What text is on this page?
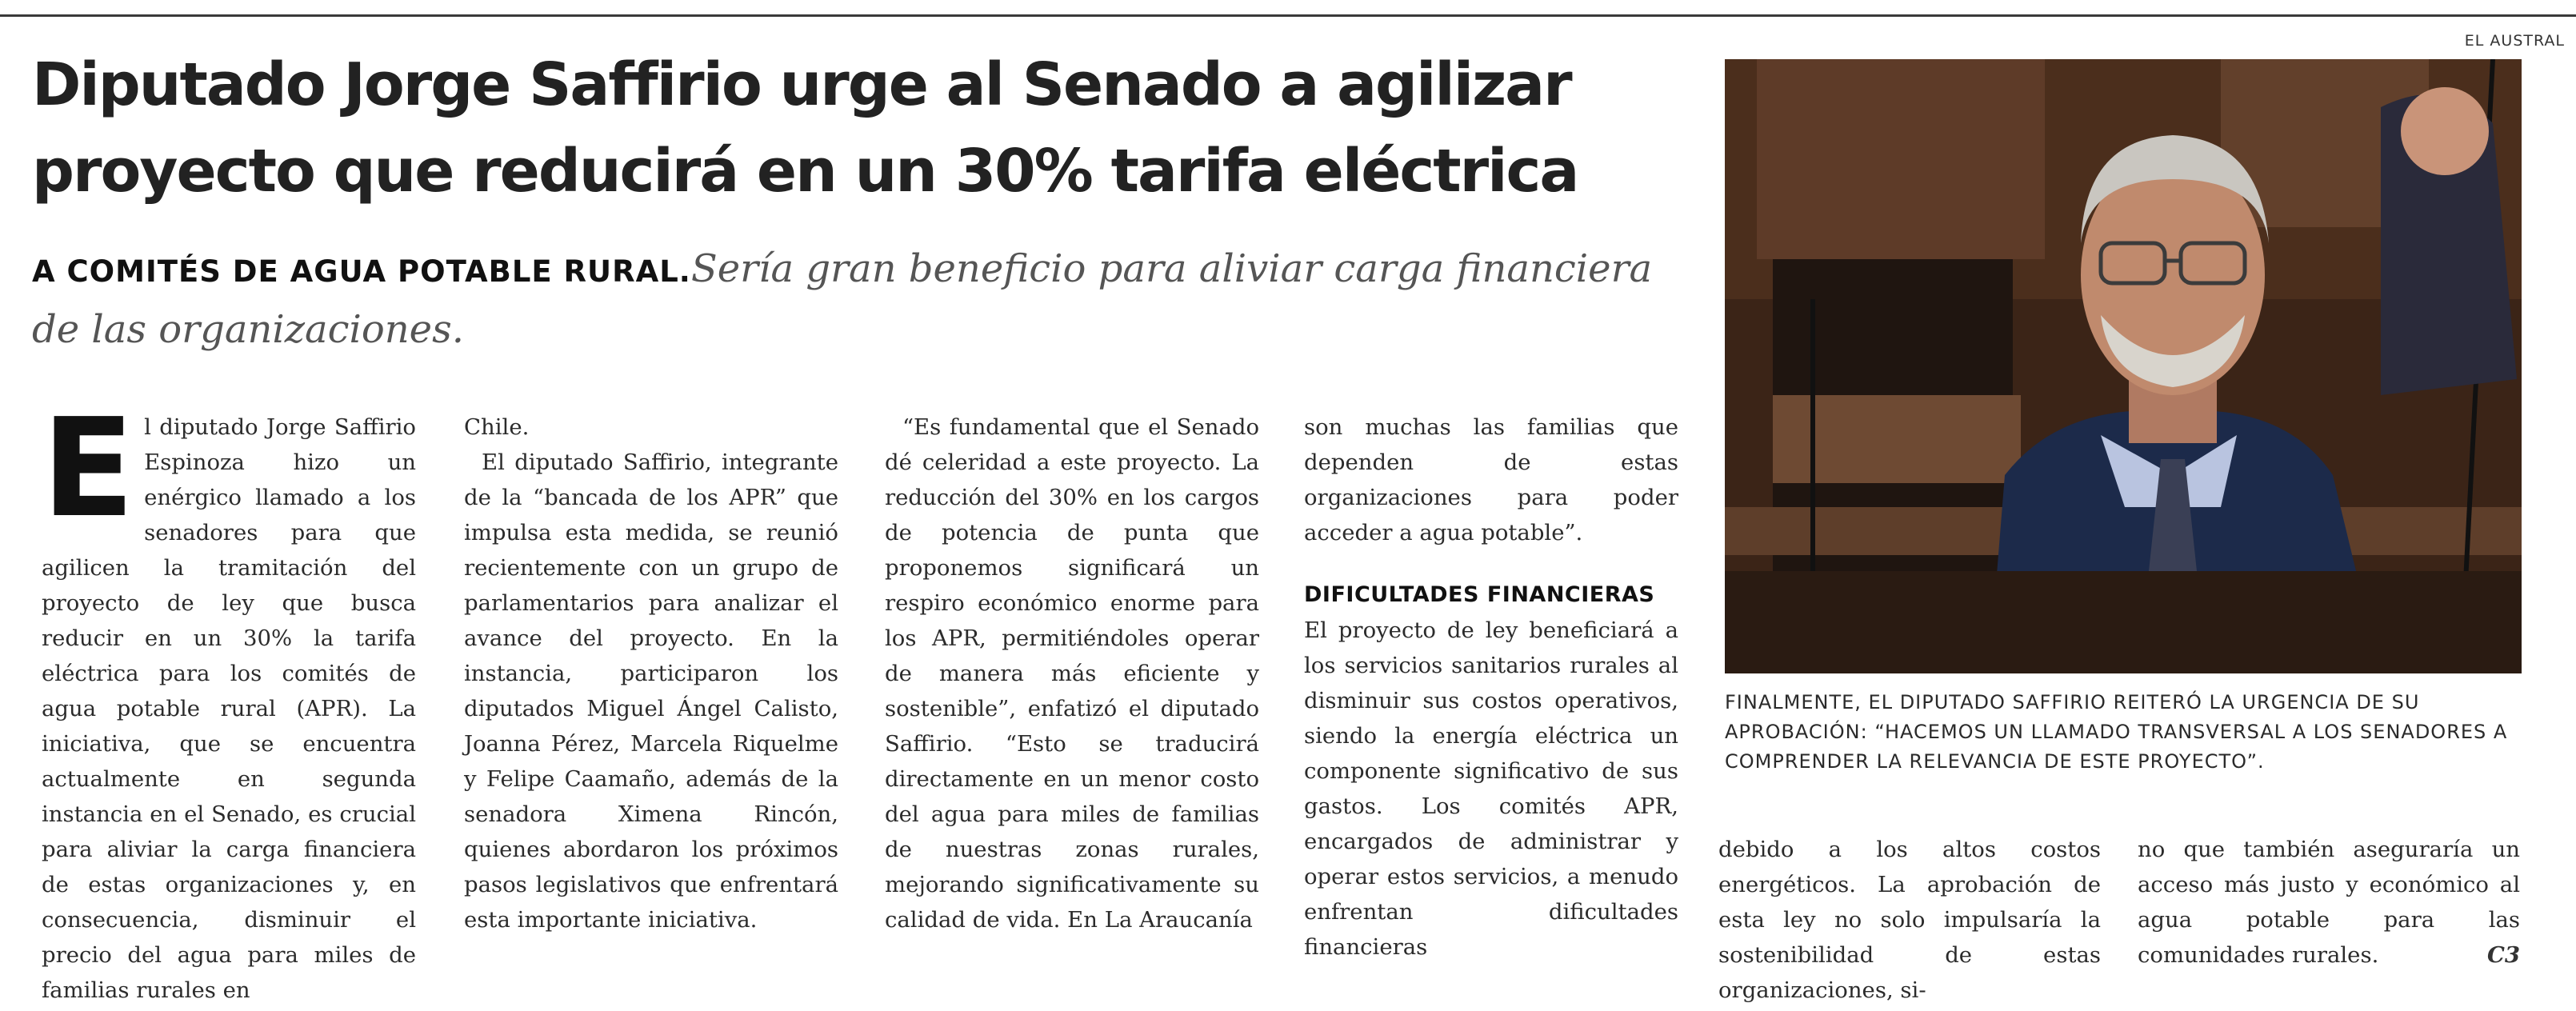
EL AUSTRAL
Diputado Jorge Saffirio urge al Senado a agilizar proyecto que reducirá en un 30% tarifa eléctrica
A COMITÉS DE AGUA POTABLE RURAL.Sería gran beneficio para aliviar carga financiera de las organizaciones.

El diputado Jorge Saffirio Espinoza hizo un enérgico llamado a los senadores para que agilicen la tramitación del proyecto de ley que busca reducir en un 30% la tarifa eléctrica para los comités de agua potable rural (APR). La iniciativa, que se encuentra actualmente en segunda instancia en el Senado, es crucial para aliviar la carga financiera de estas organizaciones y, en consecuencia, disminuir el precio del agua para miles de familias rurales en

Chile.

El diputado Saffirio, integrante de la “bancada de los APR” que impulsa esta medida, se reunió recientemente con un grupo de parlamentarios para analizar el avance del proyecto. En la instancia, participaron los diputados Miguel Ángel Calisto, Joanna Pérez, Marcela Riquelme y Felipe Caamaño, además de la senadora Ximena Rincón, quienes abordaron los próximos pasos legislativos que enfrentará esta importante iniciativa.

“Es fundamental que el Senado dé celeridad a este proyecto. La reducción del 30% en los cargos de potencia de punta que proponemos significará un respiro económico enorme para los APR, permitiéndoles operar de manera más eficiente y sostenible”, enfatizó el diputado Saffirio. “Esto se traducirá directamente en un menor costo del agua para miles de familias de nuestras zonas rurales, mejorando significativamente su calidad de vida. En La Araucanía

son muchas las familias que dependen de estas organizaciones para poder acceder a agua potable”.

DIFICULTADES FINANCIERAS

El proyecto de ley beneficiará a los servicios sanitarios rurales al disminuir sus costos operativos, siendo la energía eléctrica un componente significativo de sus gastos. Los comités APR, encargados de administrar y operar estos servicios, a menudo enfrentan dificultades financieras

FINALMENTE, EL DIPUTADO SAFFIRIO REITERÓ LA URGENCIA DE SU APROBACIÓN: “HACEMOS UN LLAMADO TRANSVERSAL A LOS SENADORES A COMPRENDER LA RELEVANCIA DE ESTE PROYECTO”.

debido a los altos costos energéticos. La aprobación de esta ley no solo impulsaría la sostenibilidad de estas organizaciones, si-

no que también aseguraría un acceso más justo y económico al agua potable para las comunidades rurales.	C3
